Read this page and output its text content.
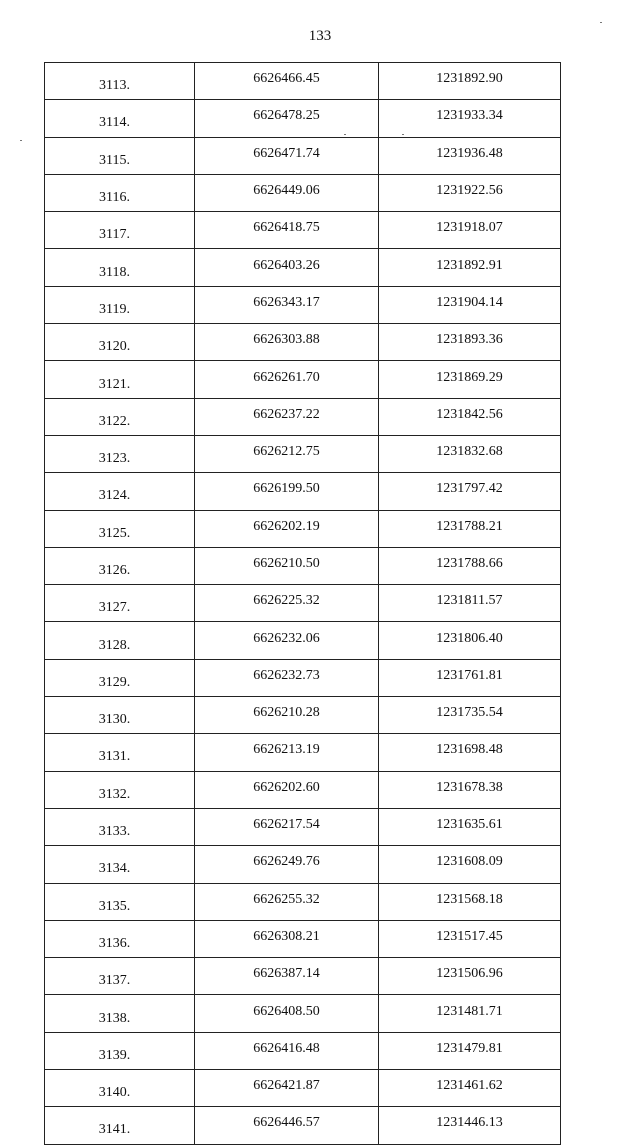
133
3113.	6626466.45	1231892.90
3114.	6626478.25	1231933.34
3115.	6626471.74	1231936.48
3116.	6626449.06	1231922.56
3117.	6626418.75	1231918.07
3118.	6626403.26	1231892.91
3119.	6626343.17	1231904.14
3120.	6626303.88	1231893.36
3121.	6626261.70	1231869.29
3122.	6626237.22	1231842.56
3123.	6626212.75	1231832.68
3124.	6626199.50	1231797.42
3125.	6626202.19	1231788.21
3126.	6626210.50	1231788.66
3127.	6626225.32	1231811.57
3128.	6626232.06	1231806.40
3129.	6626232.73	1231761.81
3130.	6626210.28	1231735.54
3131.	6626213.19	1231698.48
3132.	6626202.60	1231678.38
3133.	6626217.54	1231635.61
3134.	6626249.76	1231608.09
3135.	6626255.32	1231568.18
3136.	6626308.21	1231517.45
3137.	6626387.14	1231506.96
3138.	6626408.50	1231481.71
3139.	6626416.48	1231479.81
3140.	6626421.87	1231461.62
3141.	6626446.57	1231446.13
